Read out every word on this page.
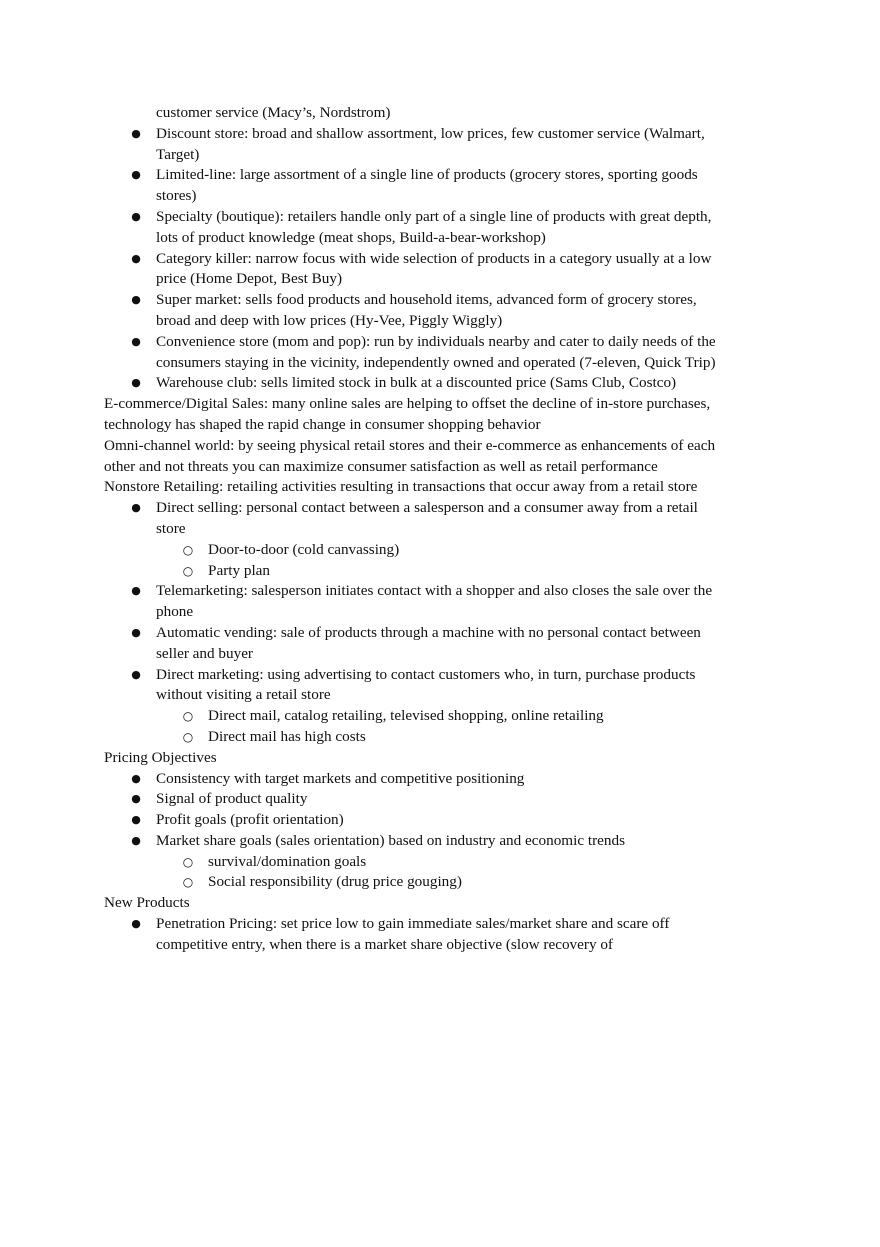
customer service (Macy’s, Nordstrom)
● Discount store: broad and shallow assortment, low prices, few customer service (Walmart, Target)
● Limited-line: large assortment of a single line of products (grocery stores, sporting goods stores)
● Specialty (boutique): retailers handle only part of a single line of products with great depth, lots of product knowledge (meat shops, Build-a-bear-workshop)
● Category killer: narrow focus with wide selection of products in a category usually at a low price (Home Depot, Best Buy)
● Super market: sells food products and household items, advanced form of grocery stores, broad and deep with low prices (Hy-Vee, Piggly Wiggly)
● Convenience store (mom and pop): run by individuals nearby and cater to daily needs of the consumers staying in the vicinity, independently owned and operated (7-eleven, Quick Trip)
● Warehouse club: sells limited stock in bulk at a discounted price (Sams Club, Costco)
E-commerce/Digital Sales: many online sales are helping to offset the decline of in-store purchases, technology has shaped the rapid change in consumer shopping behavior
Omni-channel world: by seeing physical retail stores and their e-commerce as enhancements of each other and not threats you can maximize consumer satisfaction as well as retail performance
Nonstore Retailing: retailing activities resulting in transactions that occur away from a retail store
● Direct selling: personal contact between a salesperson and a consumer away from a retail store
○ Door-to-door (cold canvassing)
○ Party plan
● Telemarketing: salesperson initiates contact with a shopper and also closes the sale over the phone
● Automatic vending: sale of products through a machine with no personal contact between seller and buyer
● Direct marketing: using advertising to contact customers who, in turn, purchase products without visiting a retail store
○ Direct mail, catalog retailing, televised shopping, online retailing
○ Direct mail has high costs
Pricing Objectives
● Consistency with target markets and competitive positioning
● Signal of product quality
● Profit goals (profit orientation)
● Market share goals (sales orientation) based on industry and economic trends
○ survival/domination goals
○ Social responsibility (drug price gouging)
New Products
● Penetration Pricing: set price low to gain immediate sales/market share and scare off competitive entry, when there is a market share objective (slow recovery of
